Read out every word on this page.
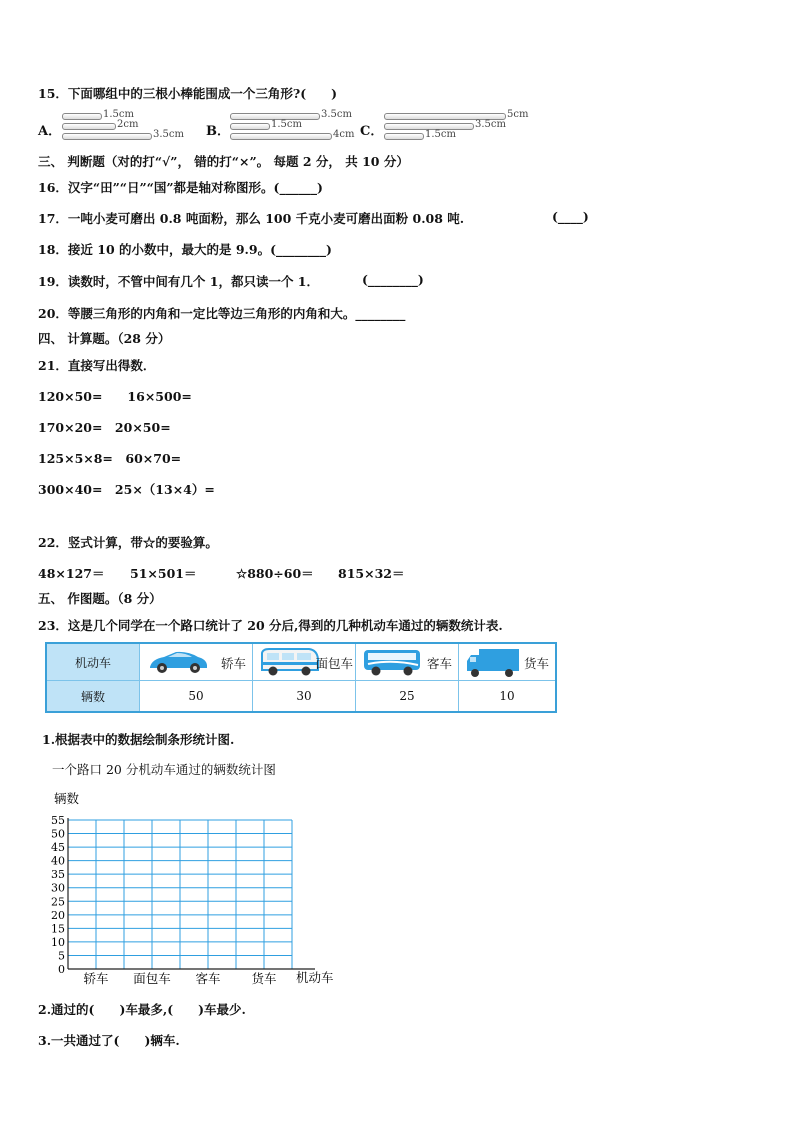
15．下面哪组中的三根小棒能围成一个三角形?(　　)
A．
1.5cm
2cm
3.5cm B．
3.5cm
1.5cm
4cm C．
5cm
3.5cm
1.5cm
三、 判断题（对的打“√”， 错的打“×”。 每题 2 分， 共 10 分）
16．汉字“田”“日”“国”都是轴对称图形。(______)
17．一吨小麦可磨出 0.8 吨面粉，那么 100 千克小麦可磨出面粉 0.08 吨.	(____)
18．接近 10 的小数中，最大的是 9.9。(________)
19．读数时，不管中间有几个 1，都只读一个 1．	(________)
20．等腰三角形的内角和一定比等边三角形的内角和大。________
四、 计算题。（28 分）
21．直接写出得数．
120×50=　　16×500=
170×20=　20×50=
125×5×8=　60×70=
300×40=　25×（13×4）=
22．竖式计算，带☆的要验算。
48×127＝ 51×501＝	☆880÷60＝ 815×32＝
五、 作图题。（8 分）
23．这是几个同学在一个路口统计了 20 分后,得到的几种机动车通过的辆数统计表.
机动车	轿车	面包车	客车	货车

辆数	50	30	25	10
1.根据表中的数据绘制条形统计图.
一个路口 20 分机动车通过的辆数统计图
辆数
0
5
10
15
20
25
30
35
40
45
50
55
轿车 面包车 客车 货车 机动车
2.通过的(　　)车最多,(　　)车最少.
3.一共通过了(　　)辆车.
